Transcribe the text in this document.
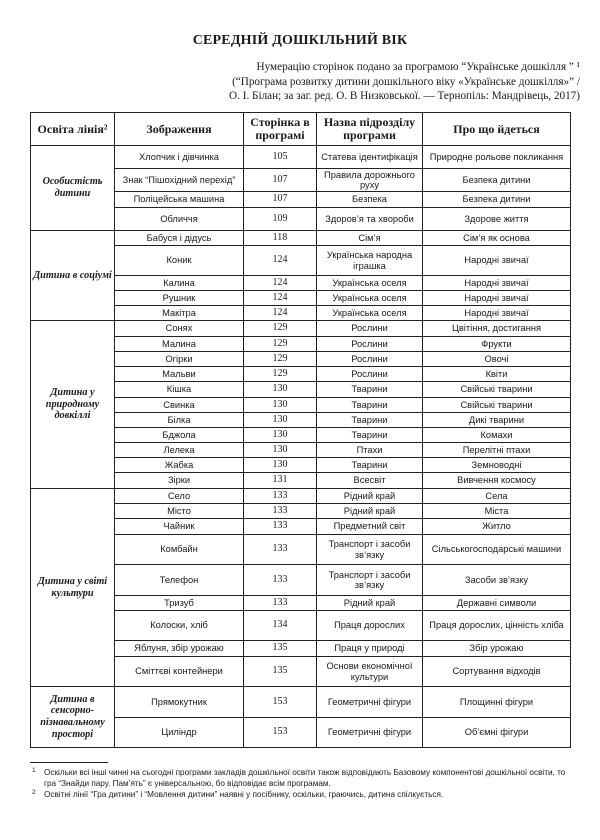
СЕРЕДНІЙ ДОШКІЛЬНИЙ ВІК
Нумерацію сторінок подано за програмою “Українське дошкілля ” ¹
(“Програма розвитку дитини дошкільного віку «Українське дошкілля»” /
О. І. Білан; за заг. ред. О. В Низковської. — Тернопіль: Мандрівець, 2017)
Освіта лінія²	Зображення	Сторінка в програмі	Назва підрозділу програми	Про що йдеться
Особистість дитини	Хлопчик і дівчинка	105	Статева ідентифікація	Природне рольове покликання
	Знак “Пішохідний перехід”	107	Правила дорожнього руху	Безпека дитини
	Поліцейська машина	107	Безпека	Безпека дитини
	Обличчя	109	Здоров’я та хвороби	Здорове життя
Дитина в соціумі	Бабуся і дідусь	118	Сім’я	Сім’я як основа
	Коник	124	Українська народна іграшка	Народні звичаї
	Калина	124	Українська оселя	Народні звичаї
	Рушник	124	Українська оселя	Народні звичаї
	Макітра	124	Українська оселя	Народні звичаї
Дитина у природному довкіллі	Сонях	129	Рослини	Цвітіння, достигання
	Малина	129	Рослини	Фрукти
	Огірки	129	Рослини	Овочі
	Мальви	129	Рослини	Квіти
	Кішка	130	Тварини	Свійські тварини
	Свинка	130	Тварини	Свійські тварини
	Білка	130	Тварини	Дикі тварини
	Бджола	130	Тварини	Комахи
	Лелека	130	Птахи	Перелітні птахи
	Жабка	130	Тварини	Земноводні
	Зірки	131	Всесвіт	Вивчення космосу
Дитина у світі культури	Село	133	Рідний край	Села
	Місто	133	Рідний край	Міста
	Чайник	133	Предметний світ	Житло
	Комбайн	133	Транспорт і засоби зв’язку	Сільськогосподарські машини
	Телефон	133	Транспорт і засоби зв’язку	Засоби зв’язку
	Тризуб	133	Рідний край	Державні символи
	Колоски, хліб	134	Праця дорослих	Праця дорослих, цінність хліба
	Яблуня, збір урожаю	135	Праця у природі	Збір урожаю
	Сміттєві контейнери	135	Основи економічної культури	Сортування відходів
Дитина в сенсорно-пізнавальному просторі	Прямокутник	153	Геометричні фігури	Площинні фігури
	Циліндр	153	Геометричні фігури	Об’ємні фігури
1 Оскільки всі інші чинні на сьогодні програми закладів дошкільної освіти також відповідають Базовому компонентові дошкільної освіти, то гра “Знайди пару. Пам’ять” є універсальною, бо відповідає всім програмам.
2 Освітні лінії “Гра дитини” і “Мовлення дитини” наявні у посібнику, оскільки, граючись, дитина спілкується.
